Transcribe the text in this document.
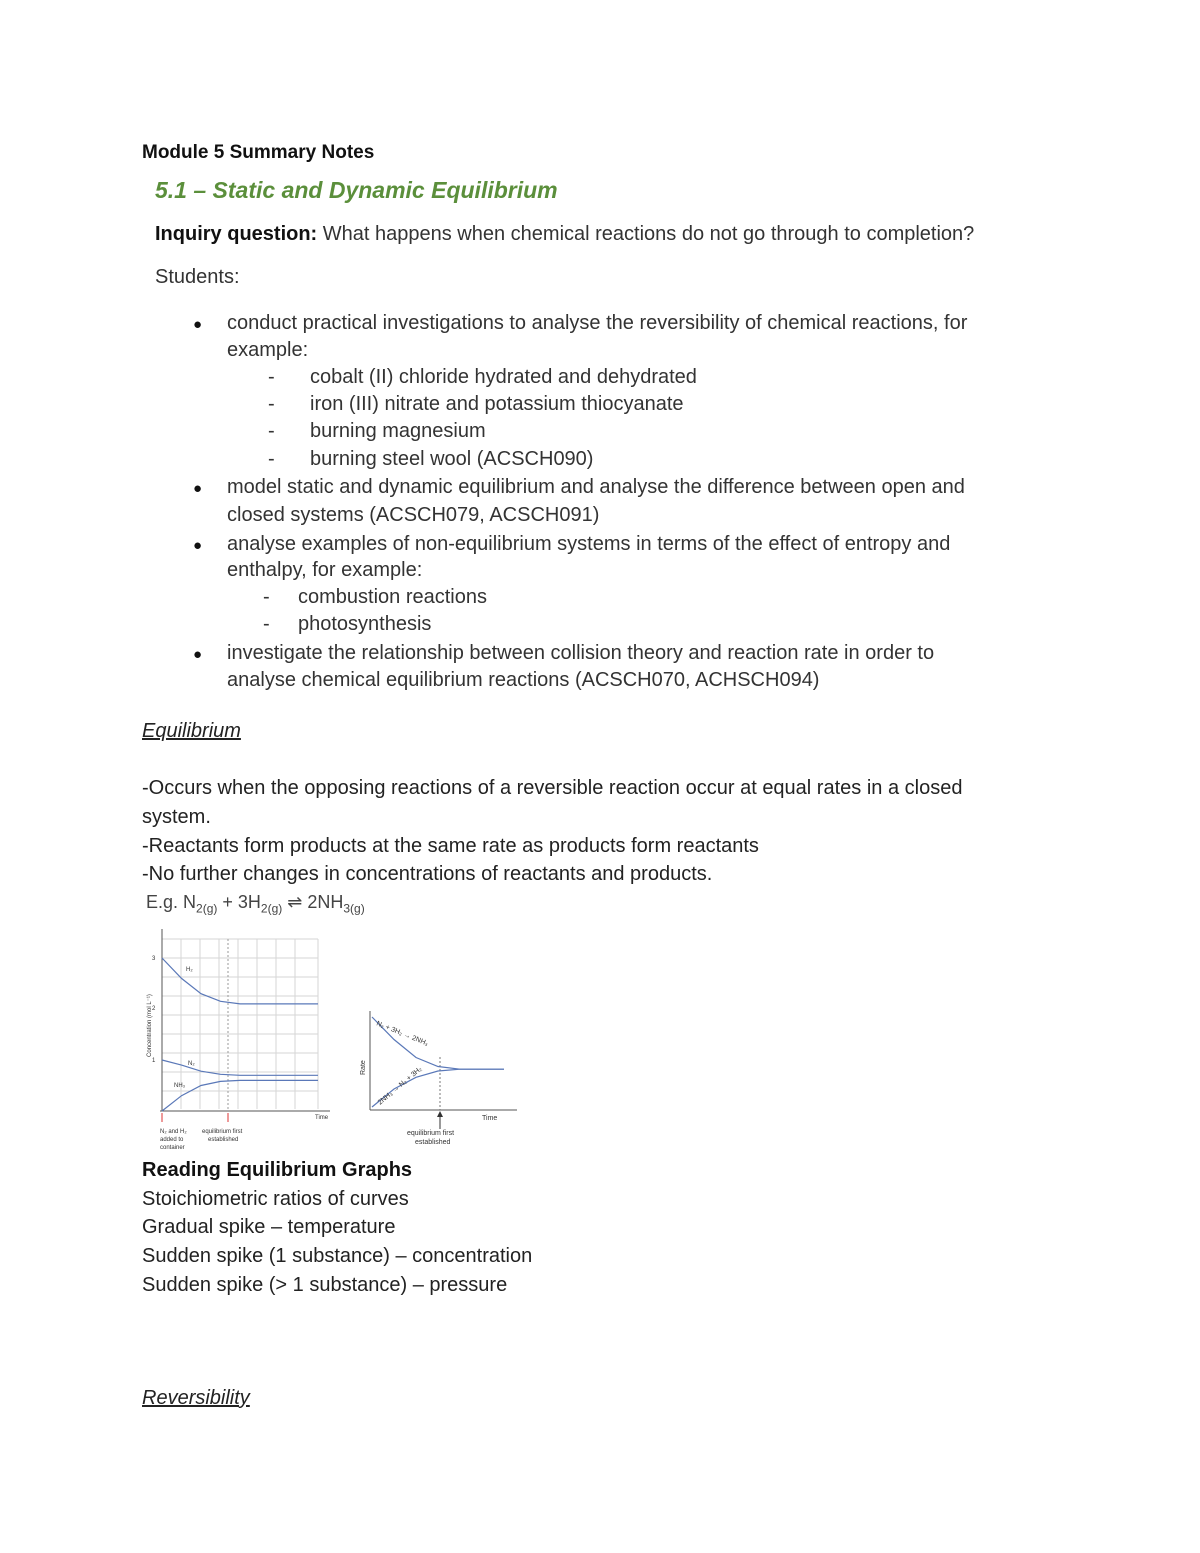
Module 5 Summary Notes
5.1 – Static and Dynamic Equilibrium
Inquiry question: What happens when chemical reactions do not go through to completion?
Students:
● conduct practical investigations to analyse the reversibility of chemical reactions, for
example:
- cobalt (II) chloride hydrated and dehydrated
- iron (III) nitrate and potassium thiocyanate
- burning magnesium
- burning steel wool (ACSCH090)
● model static and dynamic equilibrium and analyse the difference between open and
closed systems (ACSCH079, ACSCH091)
● analyse examples of non-equilibrium systems in terms of the effect of entropy and
enthalpy, for example:
- combustion reactions
- photosynthesis
● investigate the relationship between collision theory and reaction rate in order to
analyse chemical equilibrium reactions (ACSCH070, ACHSCH094)
Equilibrium
-Occurs when the opposing reactions of a reversible reaction occur at equal rates in a closed
system.
-Reactants form products at the same rate as products form reactants
-No further changes in concentrations of reactants and products.
E.g. $N_{2(g)} + 3H_{2(g)}$ ⇌ $2NH_{3(g)}$
3
2
1
Concentration (mol L⁻¹)
Time
H₂
N₂
NH₃
N₂ and H₂
added to
container
equilibrium first
established
Rate
Time
N₂ + 3H₂ → 2NH₃
2NH₃ → N₂ + 3H₂
equilibrium first
established
Reading Equilibrium Graphs
Stoichiometric ratios of curves
Gradual spike – temperature
Sudden spike (1 substance) – concentration
Sudden spike (> 1 substance) – pressure
Reversibility
